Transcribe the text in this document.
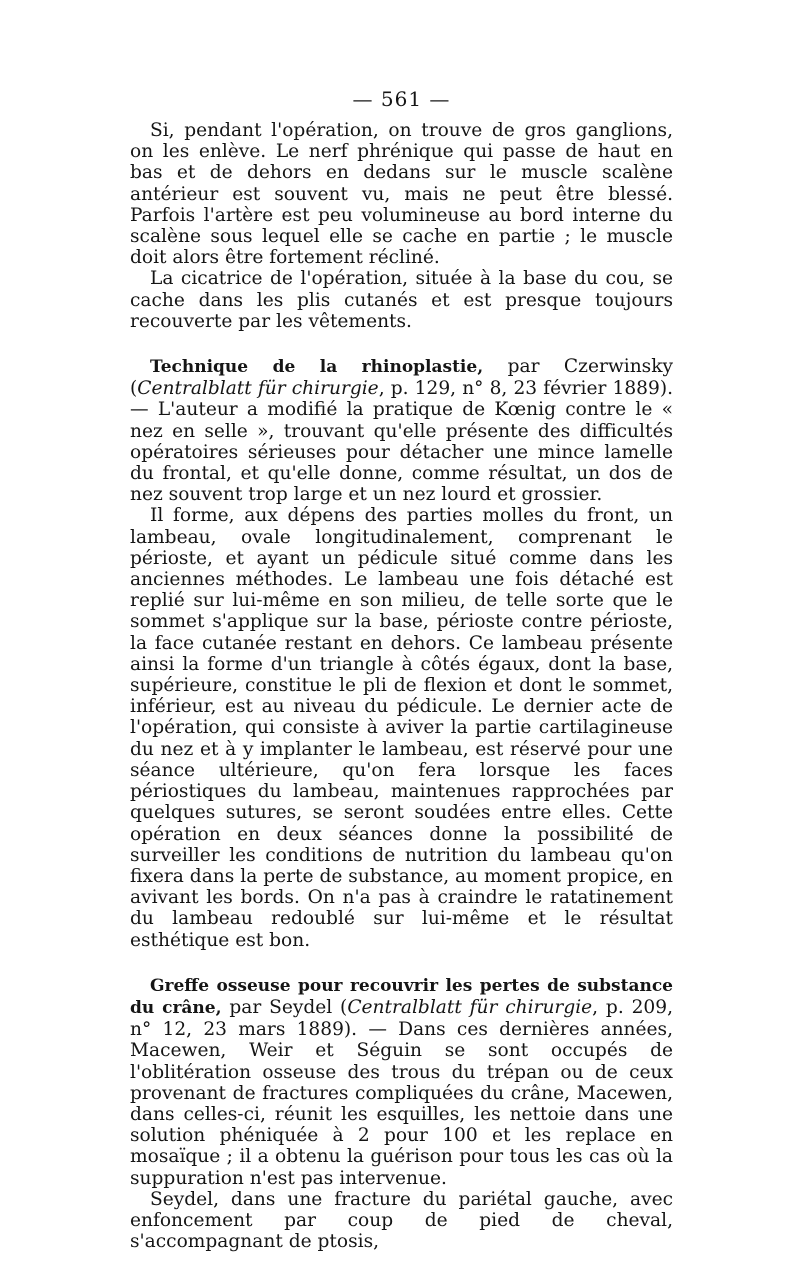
— 561 —

Si, pendant l'opération, on trouve de gros ganglions, on les enlève. Le nerf phrénique qui passe de haut en bas et de dehors en dedans sur le muscle scalène antérieur est souvent vu, mais ne peut être blessé. Parfois l'artère est peu volumineuse au bord interne du scalène sous lequel elle se cache en partie ; le muscle doit alors être fortement récliné.

La cicatrice de l'opération, située à la base du cou, se cache dans les plis cutanés et est presque toujours recouverte par les vêtements.

Technique de la rhinoplastie, par Czerwinsky (Centralblatt für chirurgie, p. 129, n° 8, 23 février 1889). — L'auteur a modifié la pratique de Kœnig contre le « nez en selle », trouvant qu'elle présente des difficultés opératoires sérieuses pour détacher une mince lamelle du frontal, et qu'elle donne, comme résultat, un dos de nez souvent trop large et un nez lourd et grossier.

Il forme, aux dépens des parties molles du front, un lambeau, ovale longitudinalement, comprenant le périoste, et ayant un pédicule situé comme dans les anciennes méthodes. Le lambeau une fois détaché est replié sur lui-même en son milieu, de telle sorte que le sommet s'applique sur la base, périoste contre périoste, la face cutanée restant en dehors. Ce lambeau présente ainsi la forme d'un triangle à côtés égaux, dont la base, supérieure, constitue le pli de flexion et dont le sommet, inférieur, est au niveau du pédicule. Le dernier acte de l'opération, qui consiste à aviver la partie cartilagineuse du nez et à y implanter le lambeau, est réservé pour une séance ultérieure, qu'on fera lorsque les faces périostiques du lambeau, maintenues rapprochées par quelques sutures, se seront soudées entre elles. Cette opération en deux séances donne la possibilité de surveiller les conditions de nutrition du lambeau qu'on fixera dans la perte de substance, au moment propice, en avivant les bords. On n'a pas à craindre le ratatinement du lambeau redoublé sur lui-même et le résultat esthétique est bon.

Greffe osseuse pour recouvrir les pertes de substance du crâne, par Seydel (Centralblatt für chirurgie, p. 209, n° 12, 23 mars 1889). — Dans ces dernières années, Macewen, Weir et Séguin se sont occupés de l'oblitération osseuse des trous du trépan ou de ceux provenant de fractures compliquées du crâne, Macewen, dans celles-ci, réunit les esquilles, les nettoie dans une solution phéniquée à 2 pour 100 et les replace en mosaïque ; il a obtenu la guérison pour tous les cas où la suppuration n'est pas intervenue.

Seydel, dans une fracture du pariétal gauche, avec enfoncement par coup de pied de cheval, s'accompagnant de ptosis,
